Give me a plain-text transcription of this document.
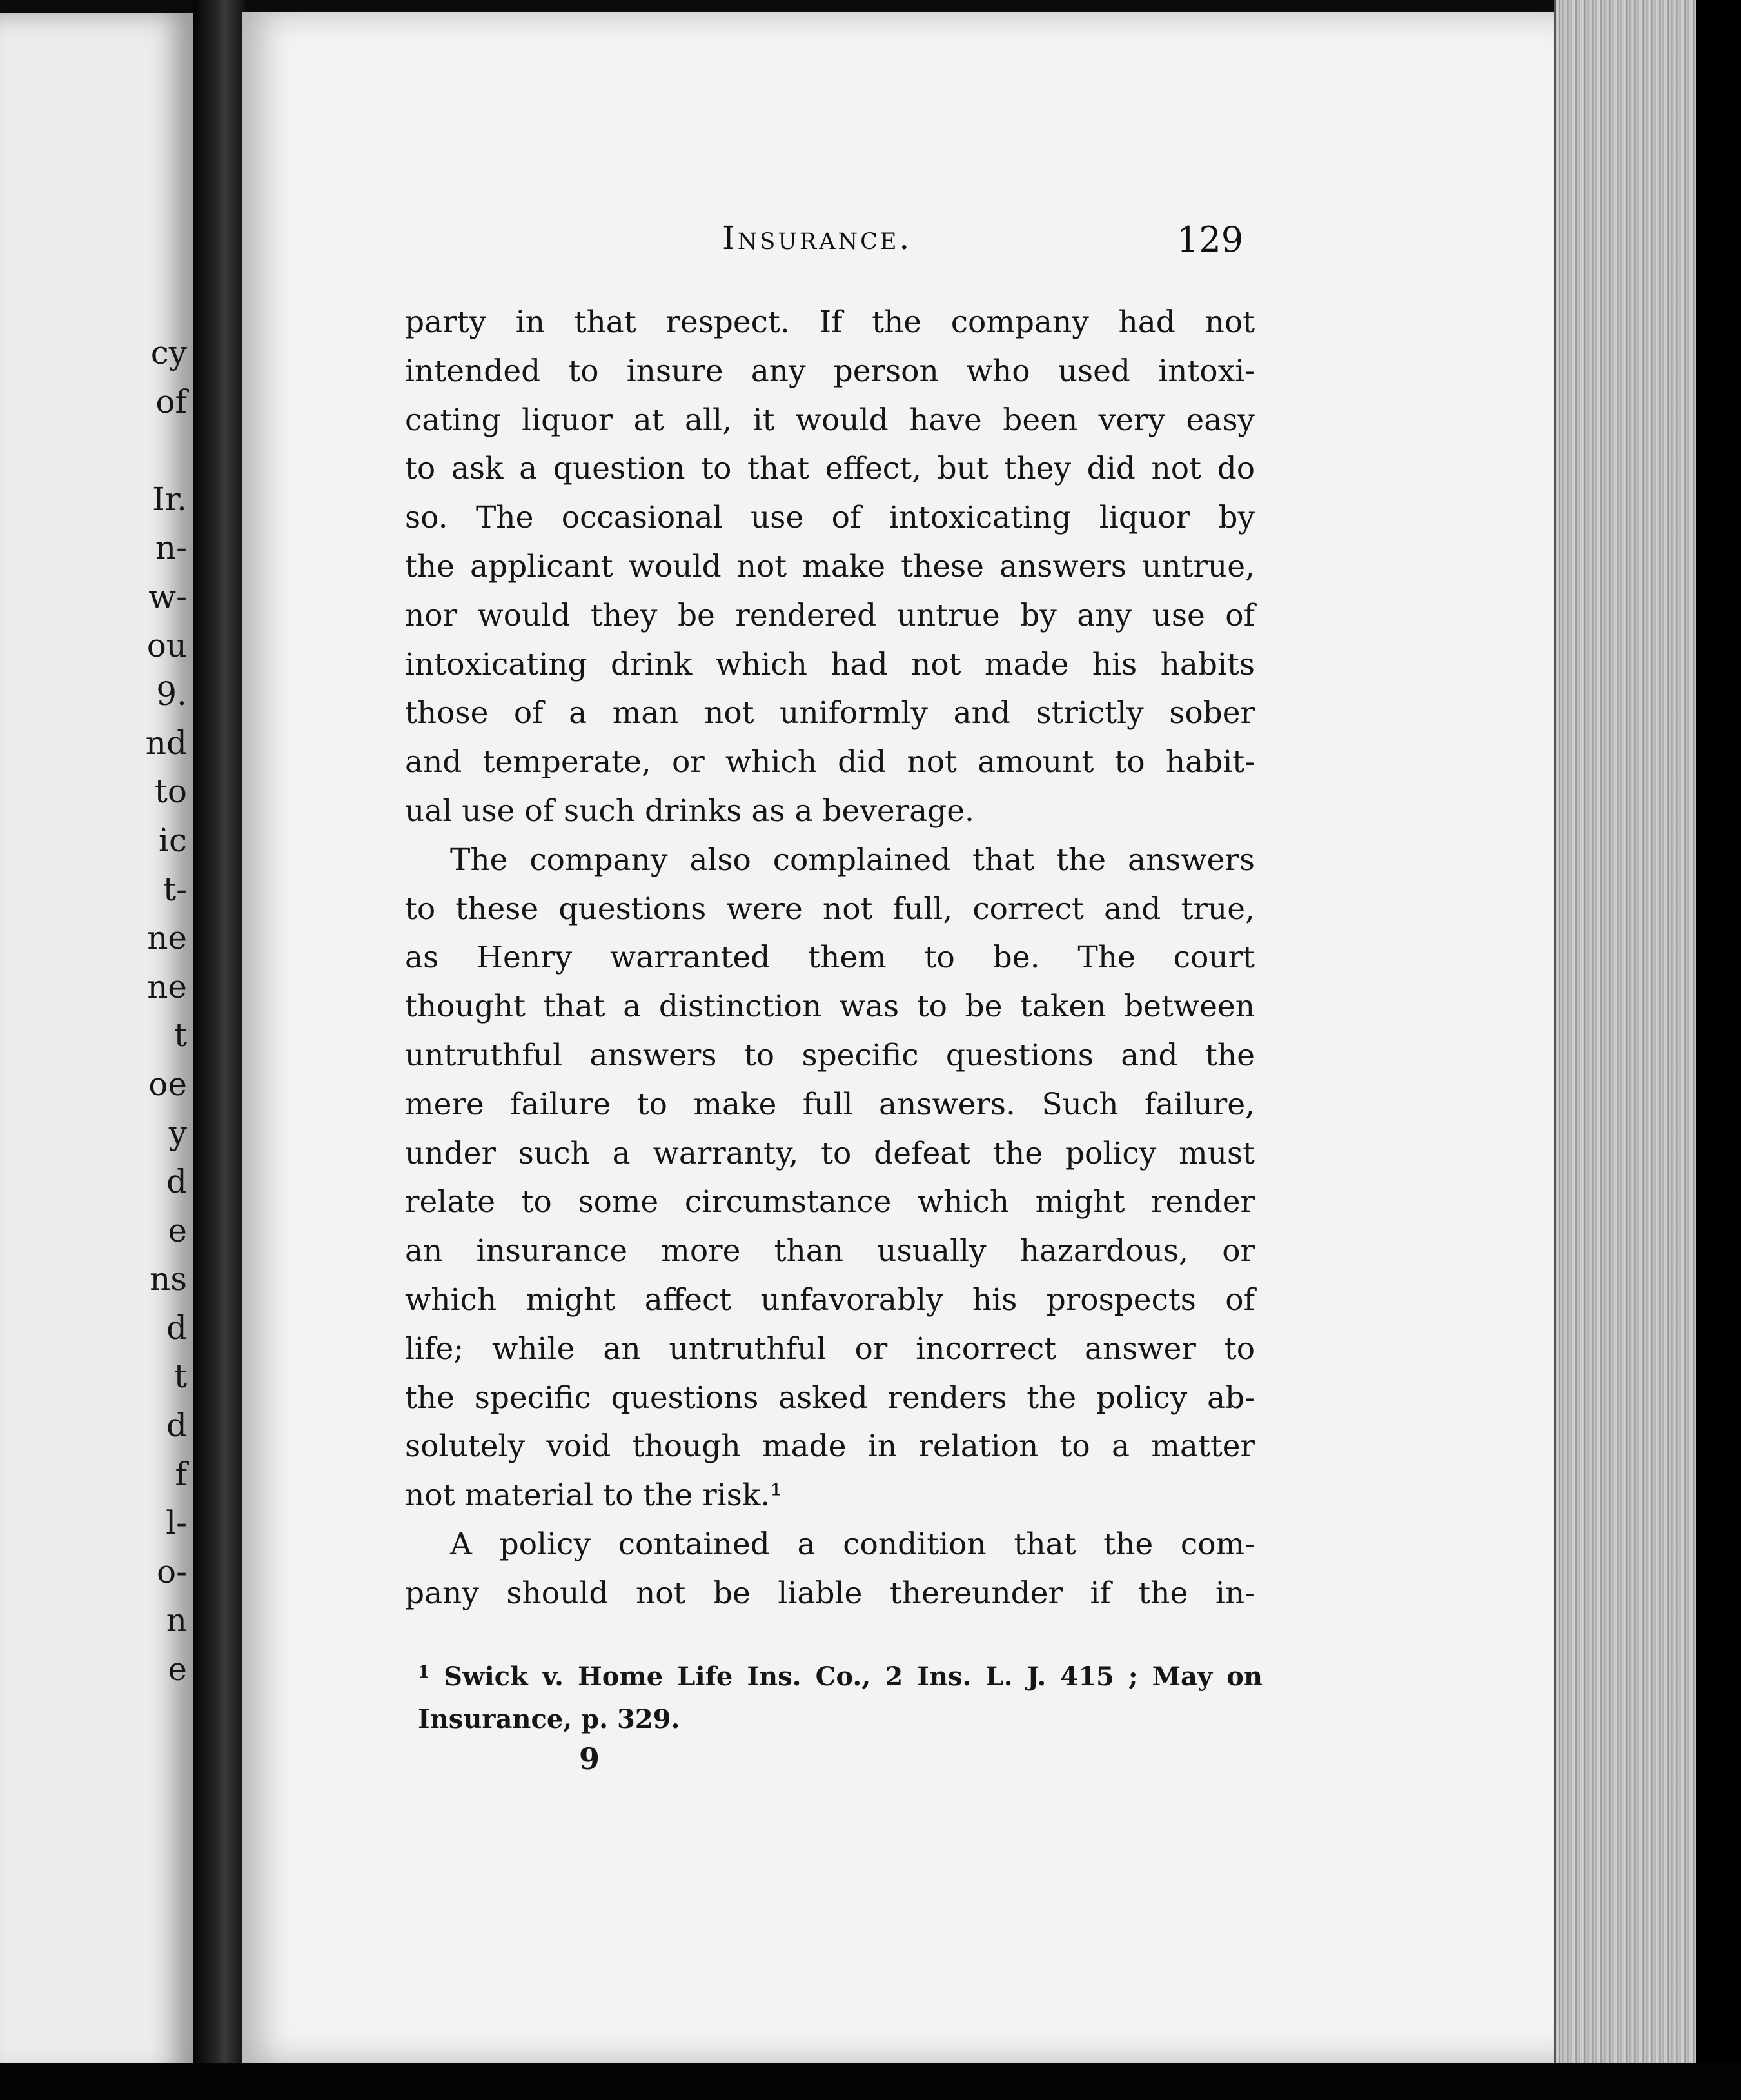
cy
of
Ir.
n-
w-
ou
9.
nd
to
ic
t-
ne
ne
t
oe
y
d
e
ns
d
t
d
f
l-
o-
n
e
Insurance.	129
party in that respect. If the company had not
intended to insure any person who used intoxi-
cating liquor at all, it would have been very easy
to ask a question to that effect, but they did not do
so. The occasional use of intoxicating liquor by
the applicant would not make these answers untrue,
nor would they be rendered untrue by any use of
intoxicating drink which had not made his habits
those of a man not uniformly and strictly sober
and temperate, or which did not amount to habit-
ual use of such drinks as a beverage.
The company also complained that the answers
to these questions were not full, correct and true,
as Henry warranted them to be. The court
thought that a distinction was to be taken between
untruthful answers to specific questions and the
mere failure to make full answers. Such failure,
under such a warranty, to defeat the policy must
relate to some circumstance which might render
an insurance more than usually hazardous, or
which might affect unfavorably his prospects of
life; while an untruthful or incorrect answer to
the specific questions asked renders the policy ab-
solutely void though made in relation to a matter
not material to the risk.¹
A policy contained a condition that the com-
pany should not be liable thereunder if the in-
$^1$ Swick v. Home Life Ins. Co., 2 Ins. L. J. 415 ; May on
Insurance, p. 329.
9
